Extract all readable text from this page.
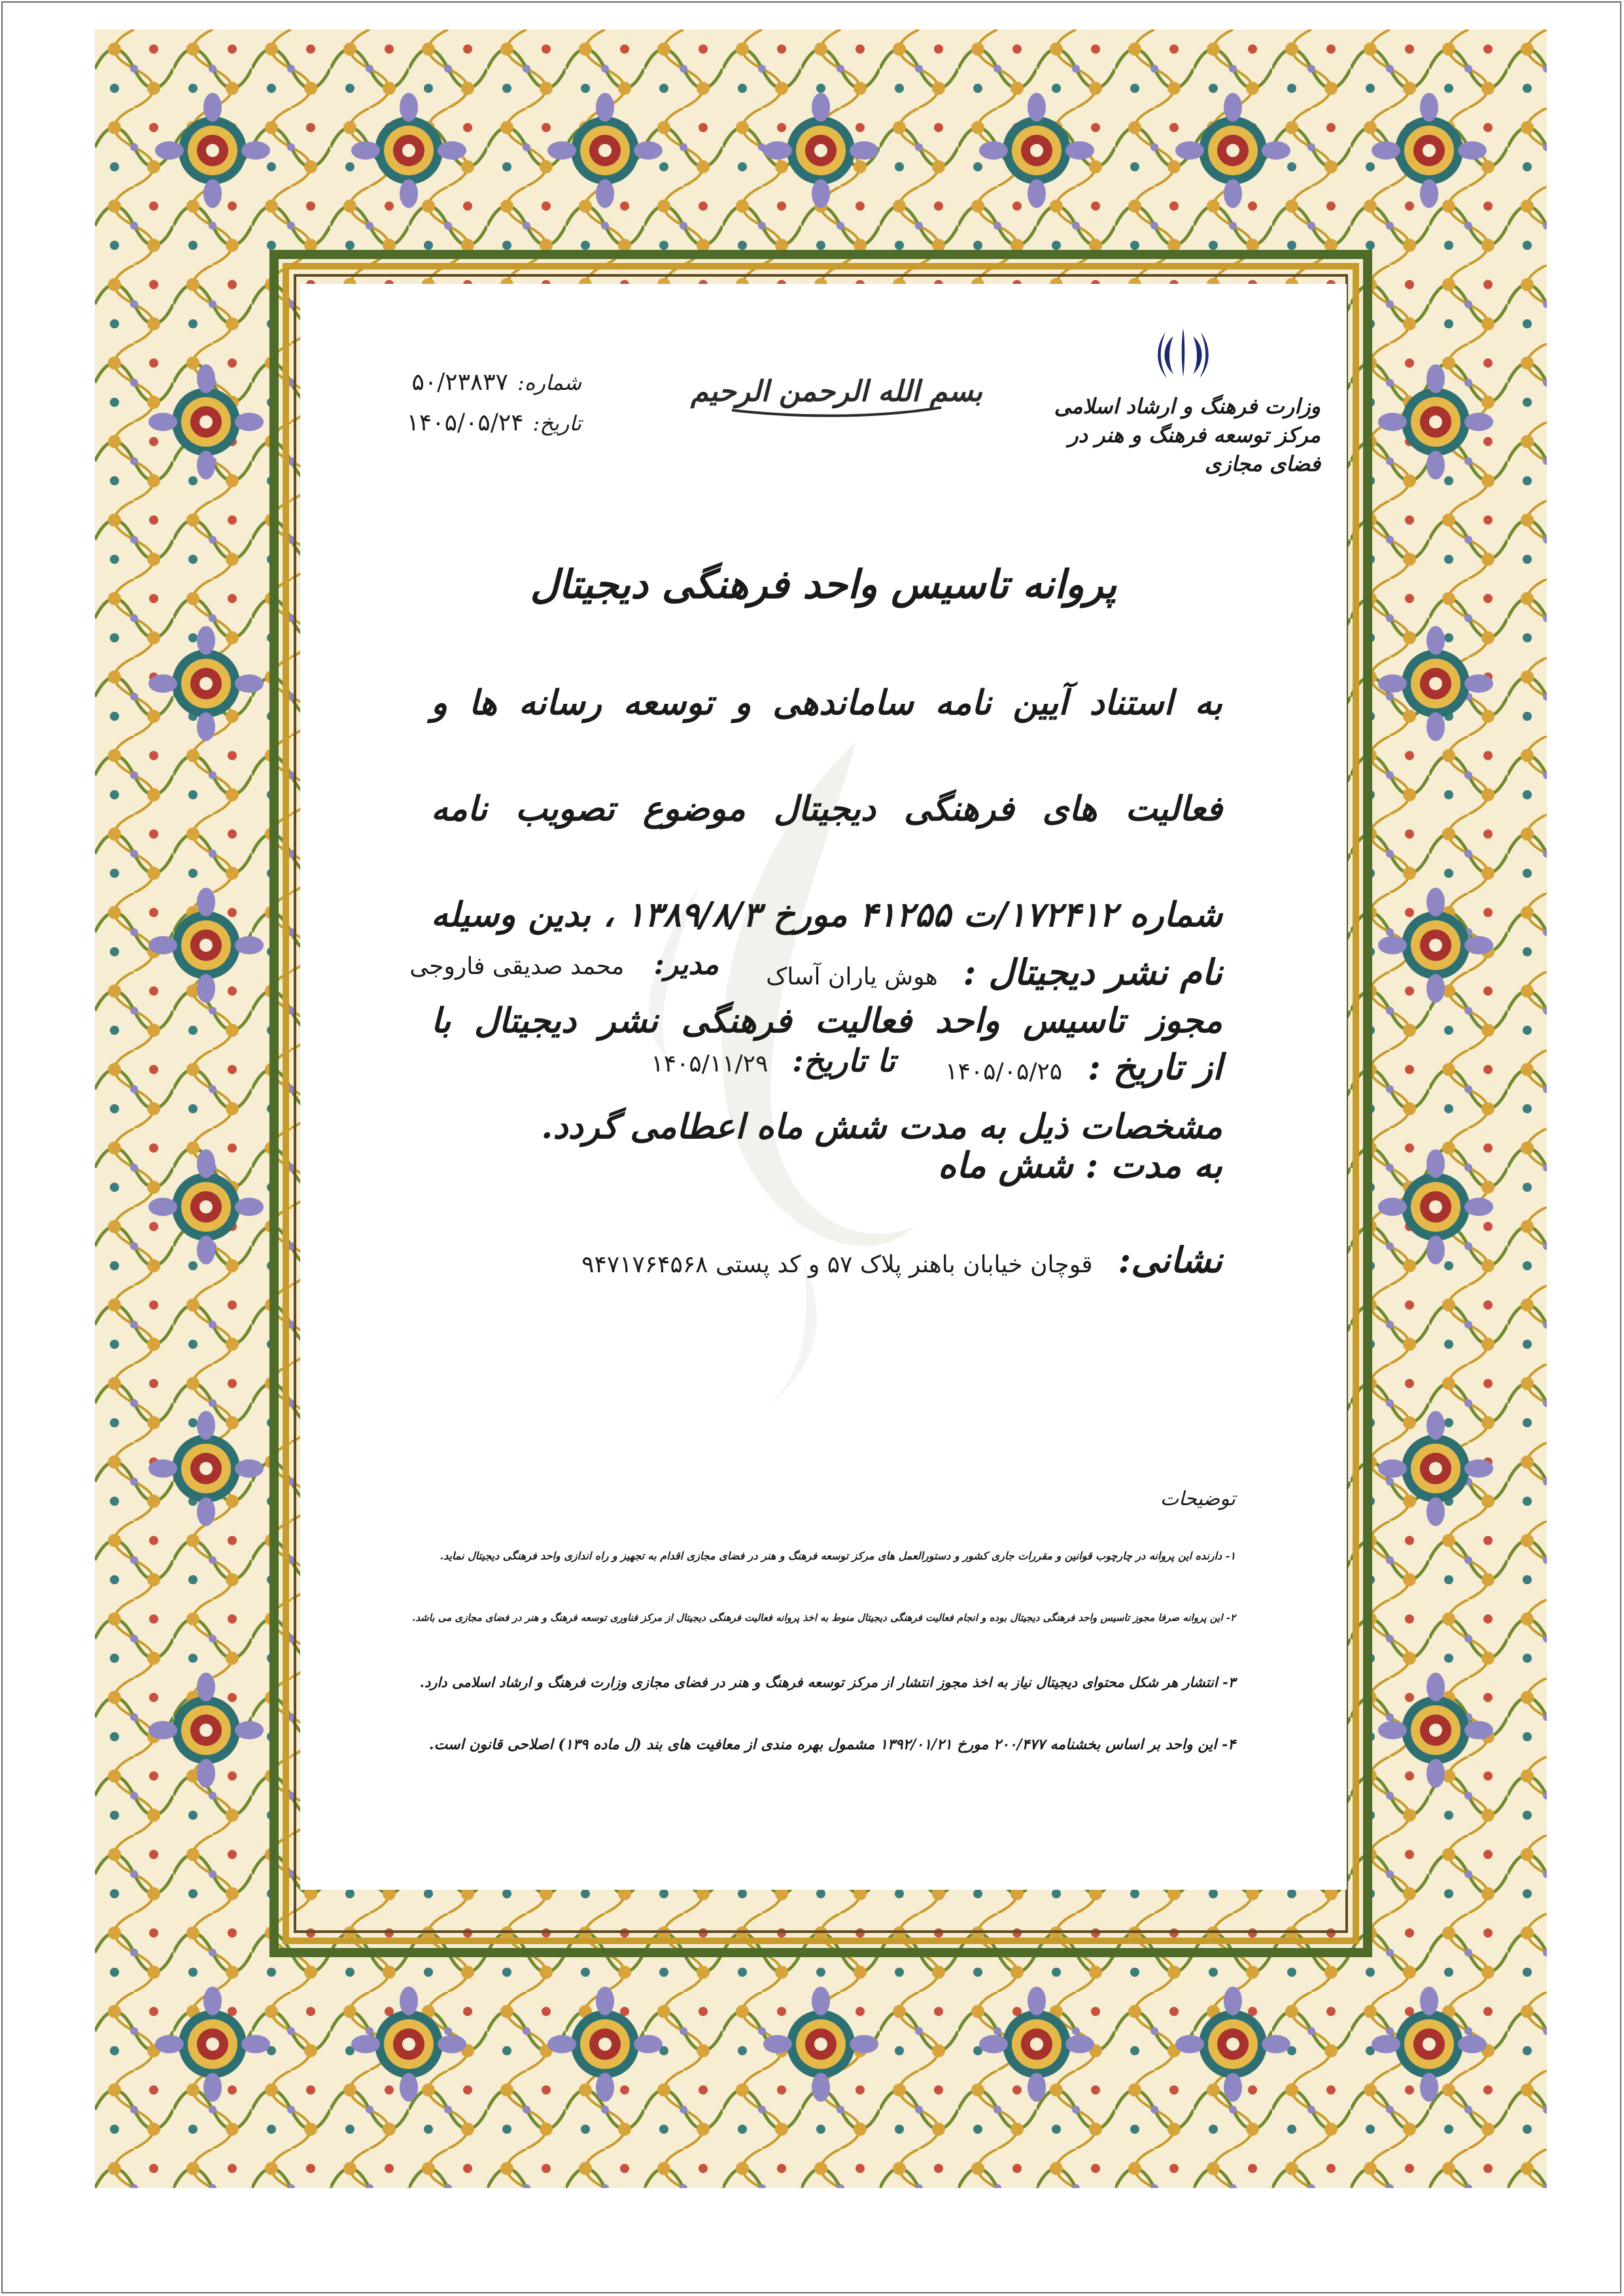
وزارت فرهنگ و ارشاد اسلامی
مرکز توسعه فرهنگ و هنر در فضای مجازی
بسم الله الرحمن الرحیم
شماره:۵۰/۲۳۸۳۷
تاریخ:۱۴۰۵/۰۵/۲۴
پروانه تاسیس واحد فرهنگی دیجیتال
به استناد آیین نامه ساماندهی و توسعه رسانه ها و فعالیت های فرهنگی دیجیتال موضوع تصویب نامه شماره ۱۷۲۴۱۲/ت ۴۱۲۵۵ مورخ ۱۳۸۹/۸/۳ ، بدین وسیله مجوز تاسیس واحد فعالیت فرهنگی نشر دیجیتال با مشخصات ذیل به مدت شش ماه اعطامی گردد.
نام نشر دیجیتال : هوش یاران آساک
مدیر: محمد صدیقی فاروجی
از تاریخ : ۱۴۰۵/۰۵/۲۵
تا تاریخ: ۱۴۰۵/۱۱/۲۹
به مدت : شش ماه
نشانی: قوچان خیابان باهنر پلاک ۵۷ و کد پستی ۹۴۷۱۷۶۴۵۶۸
توضیحات
۱- دارنده این پروانه در چارچوب قوانین و مقررات جاری کشور و دستورالعمل های مرکز توسعه فرهنگ و هنر در فضای مجازی اقدام به تجهیز و راه اندازی واحد فرهنگی دیجیتال نماید.
۲- این پروانه صرفا مجوز تاسیس واحد فرهنگی دیجیتال بوده و انجام فعالیت فرهنگی دیجیتال منوط به اخذ پروانه فعالیت فرهنگی دیجیتال از مرکز فناوری توسعه فرهنگ و هنر در فضای مجازی می باشد.
۳- انتشار هر شکل محتوای دیجیتال نیاز به اخذ مجوز انتشار از مرکز توسعه فرهنگ و هنر در فضای مجازی وزارت فرهنگ و ارشاد اسلامی دارد.
۴- این واحد بر اساس بخشنامه ۲۰۰/۴۷۷ مورخ ۱۳۹۲/۰۱/۲۱ مشمول بهره مندی از معافیت های بند (ل ماده ۱۳۹) اصلاحی قانون است.
